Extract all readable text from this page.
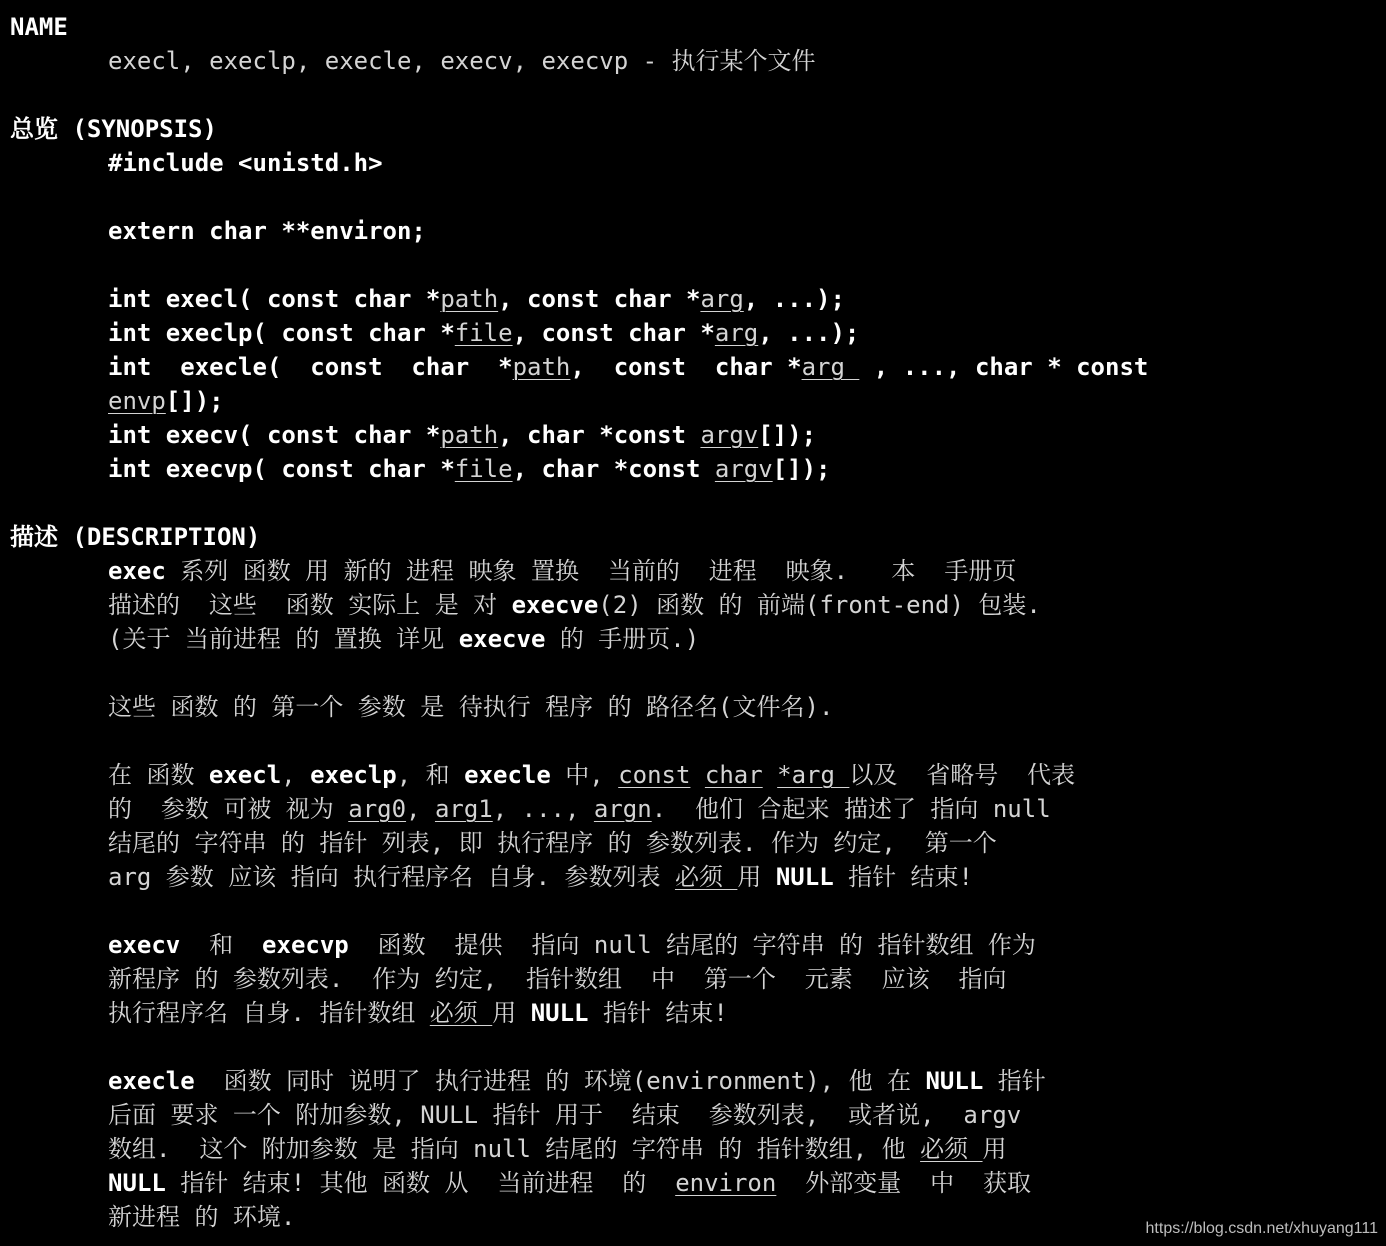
NAME
execl, execlp, execle, execv, execvp - 执行某个文件
总览 (SYNOPSIS)
#include <unistd.h>
extern char **environ;
int execl( const char *path, const char *arg, ...);
int execlp( const char *file, const char *arg, ...);
int  execle(  const  char  *path,  const  char *arg  , ..., char * const
envp[]);
int execv( const char *path, char *const argv[]);
int execvp( const char *file, char *const argv[]);
描述 (DESCRIPTION)
exec 系列 函数 用 新的 进程 映象 置换  当前的  进程  映象.   本  手册页
描述的  这些  函数 实际上 是 对 execve(2) 函数 的 前端(front-end) 包装.
(关于 当前进程 的 置换 详见 execve 的 手册页.)
这些 函数 的 第一个 参数 是 待执行 程序 的 路径名(文件名).
在 函数 execl, execlp, 和 execle 中, const char *arg 以及  省略号  代表
的  参数 可被 视为 arg0, arg1, ..., argn.  他们 合起来 描述了 指向 null
结尾的 字符串 的 指针 列表, 即 执行程序 的 参数列表. 作为 约定,  第一个
arg 参数 应该 指向 执行程序名 自身. 参数列表 必须 用 NULL 指针 结束!
execv  和  execvp  函数  提供  指向 null 结尾的 字符串 的 指针数组 作为
新程序 的 参数列表.  作为 约定,  指针数组  中  第一个  元素  应该  指向
执行程序名 自身. 指针数组 必须 用 NULL 指针 结束!
execle  函数 同时 说明了 执行进程 的 环境(environment), 他 在 NULL 指针
后面 要求 一个 附加参数, NULL 指针 用于  结束  参数列表,  或者说,  argv
数组.  这个 附加参数 是 指向 null 结尾的 字符串 的 指针数组, 他 必须 用
NULL 指针 结束! 其他 函数 从  当前进程  的  environ  外部变量  中  获取
新进程 的 环境.	https://blog.csdn.net/xhuyang111
